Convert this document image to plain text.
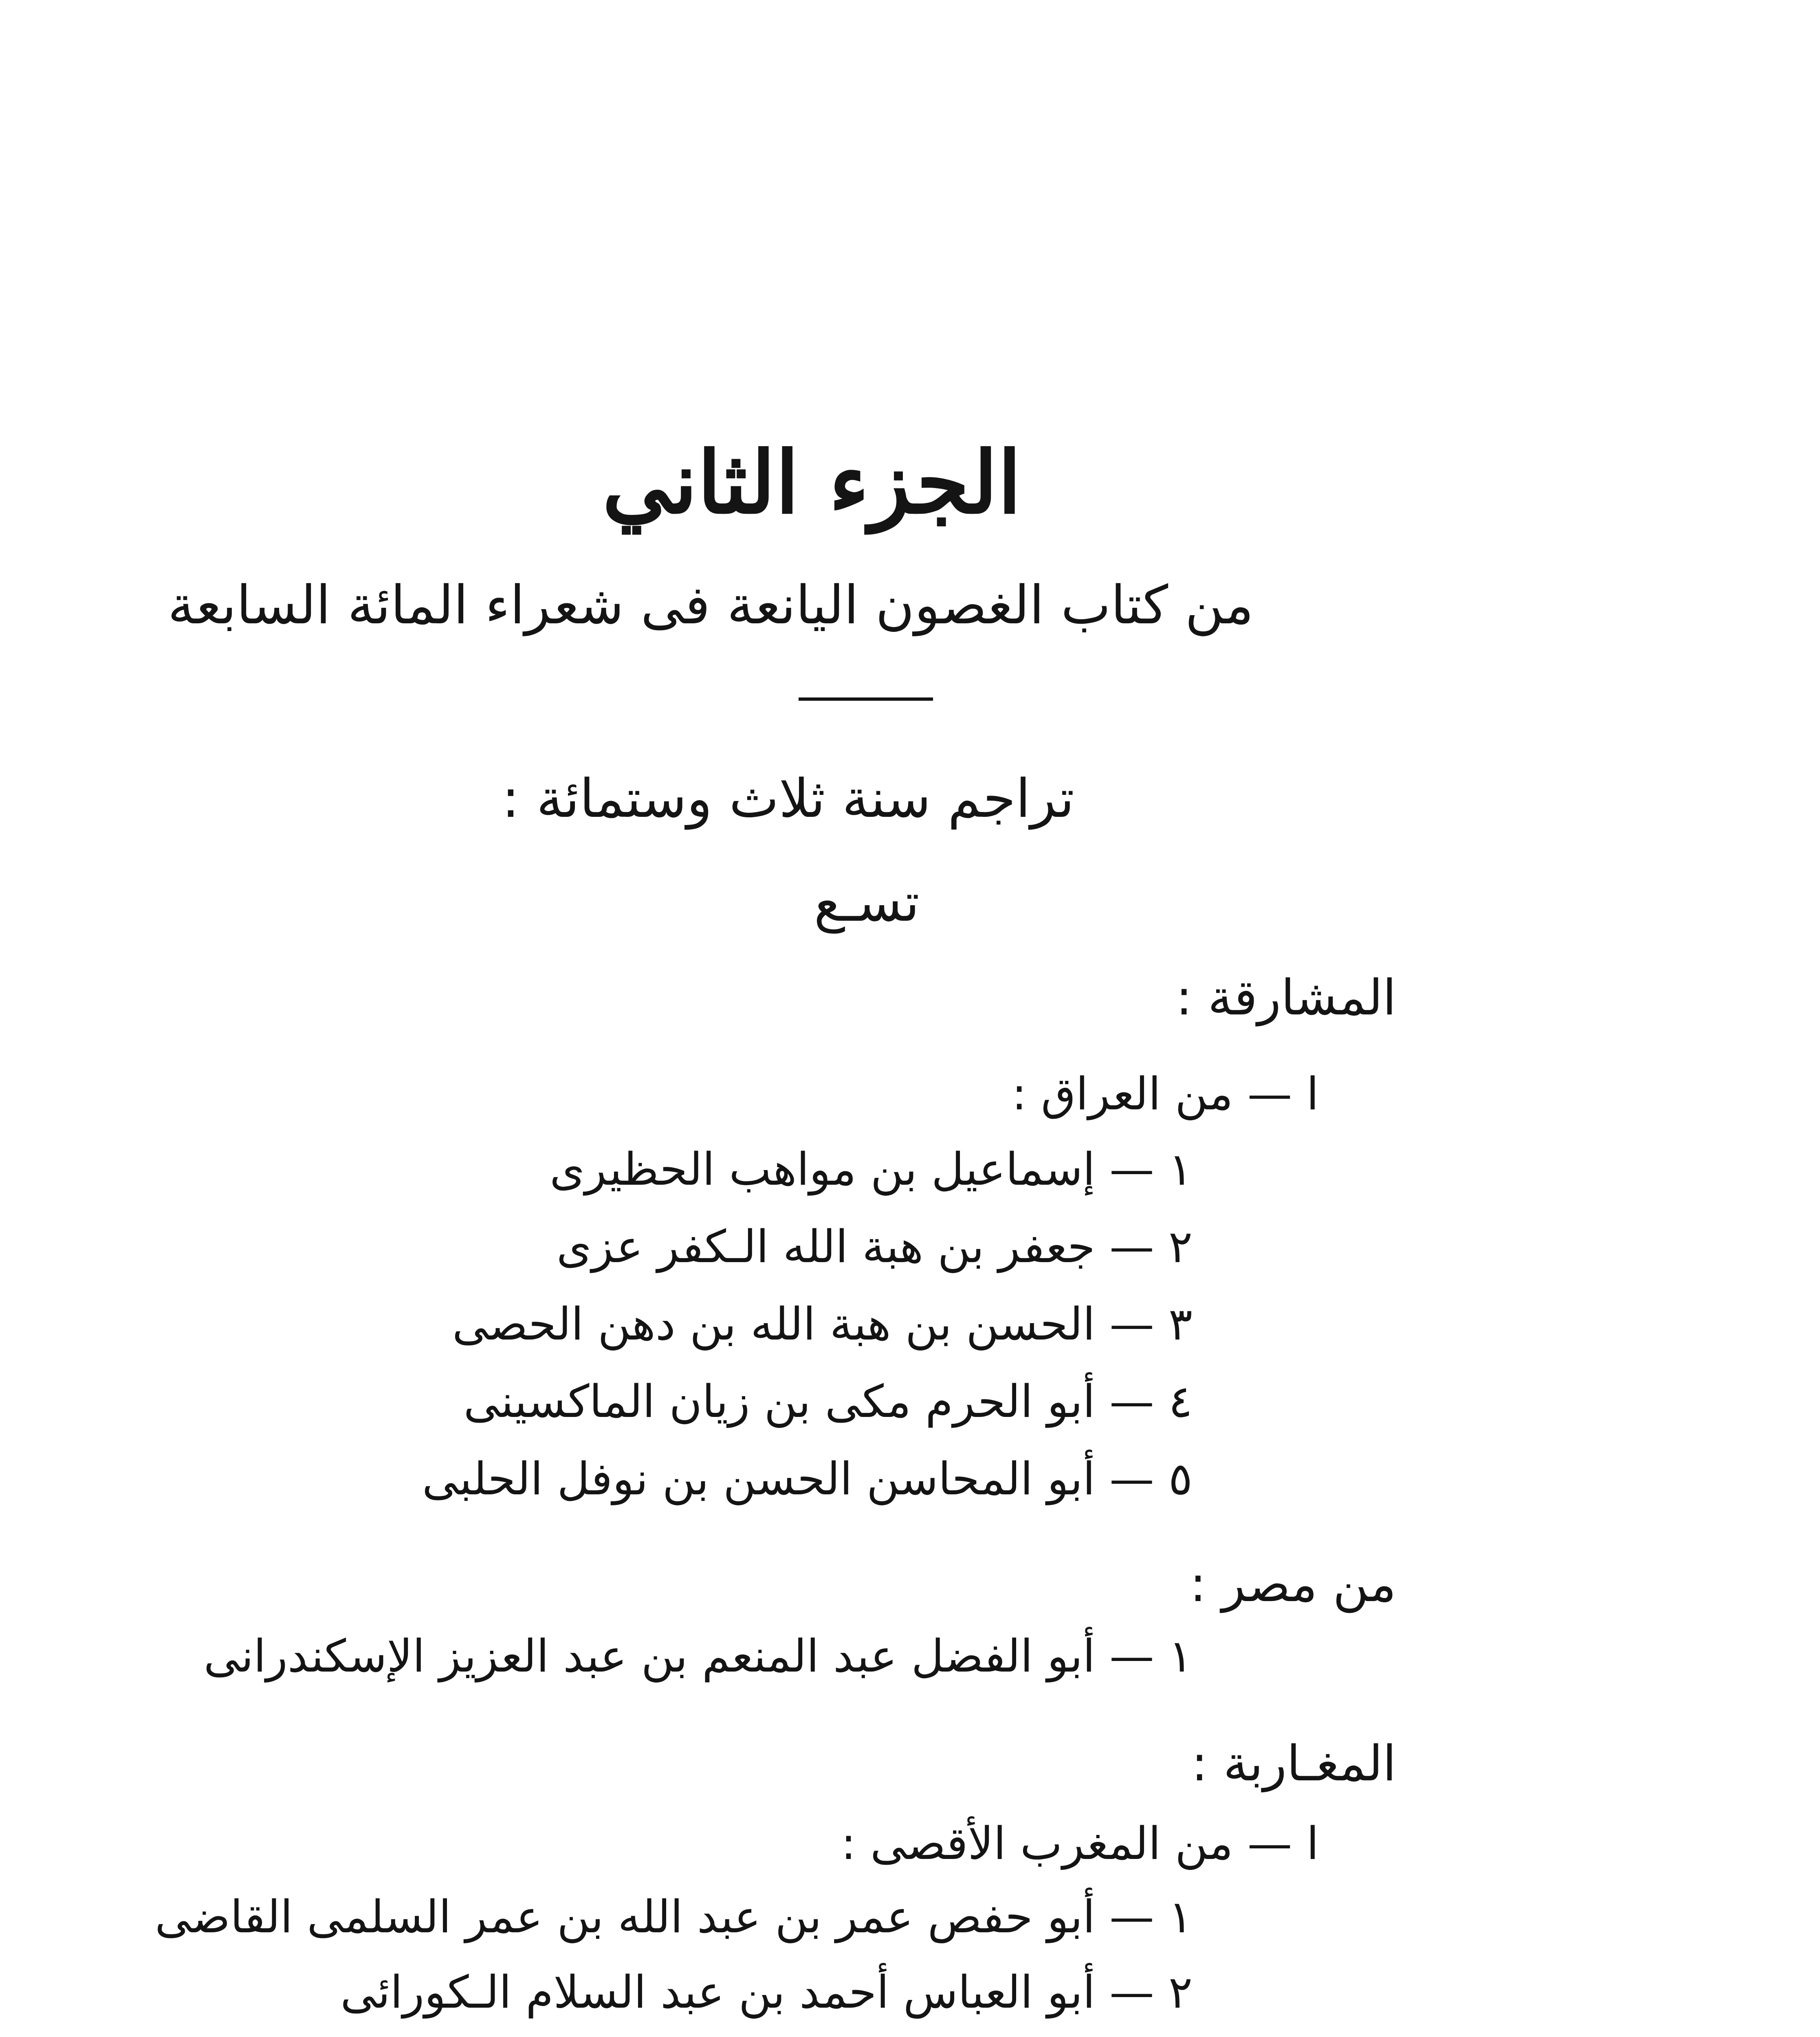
الجزء الثاني
من كتاب الغصون اليانعة فى شعراء المائة السابعة
تراجم سنة ثلاث وستمائة :
تسـع
المشارقة :
ا — من العراق :
١ — إسماعيل بن مواهب الحظيرى
٢ — جعفر بن هبة الله الـكفر عزى
٣ — الحسن بن هبة الله بن دهن الحصى
٤ — أبو الحرم مكى بن زيان الماكسينى
٥ — أبو المحاسن الحسن بن نوفل الحلبى
من مصر :
١ — أبو الفضل عبد المنعم بن عبد العزيز الإسكندرانى
المغـاربة :
ا — من المغرب الأقصى :
١ — أبو حفص عمر بن عبد الله بن عمر السلمى القاضى
٢ — أبو العباس أحمد بن عبد السلام الـكورائى
